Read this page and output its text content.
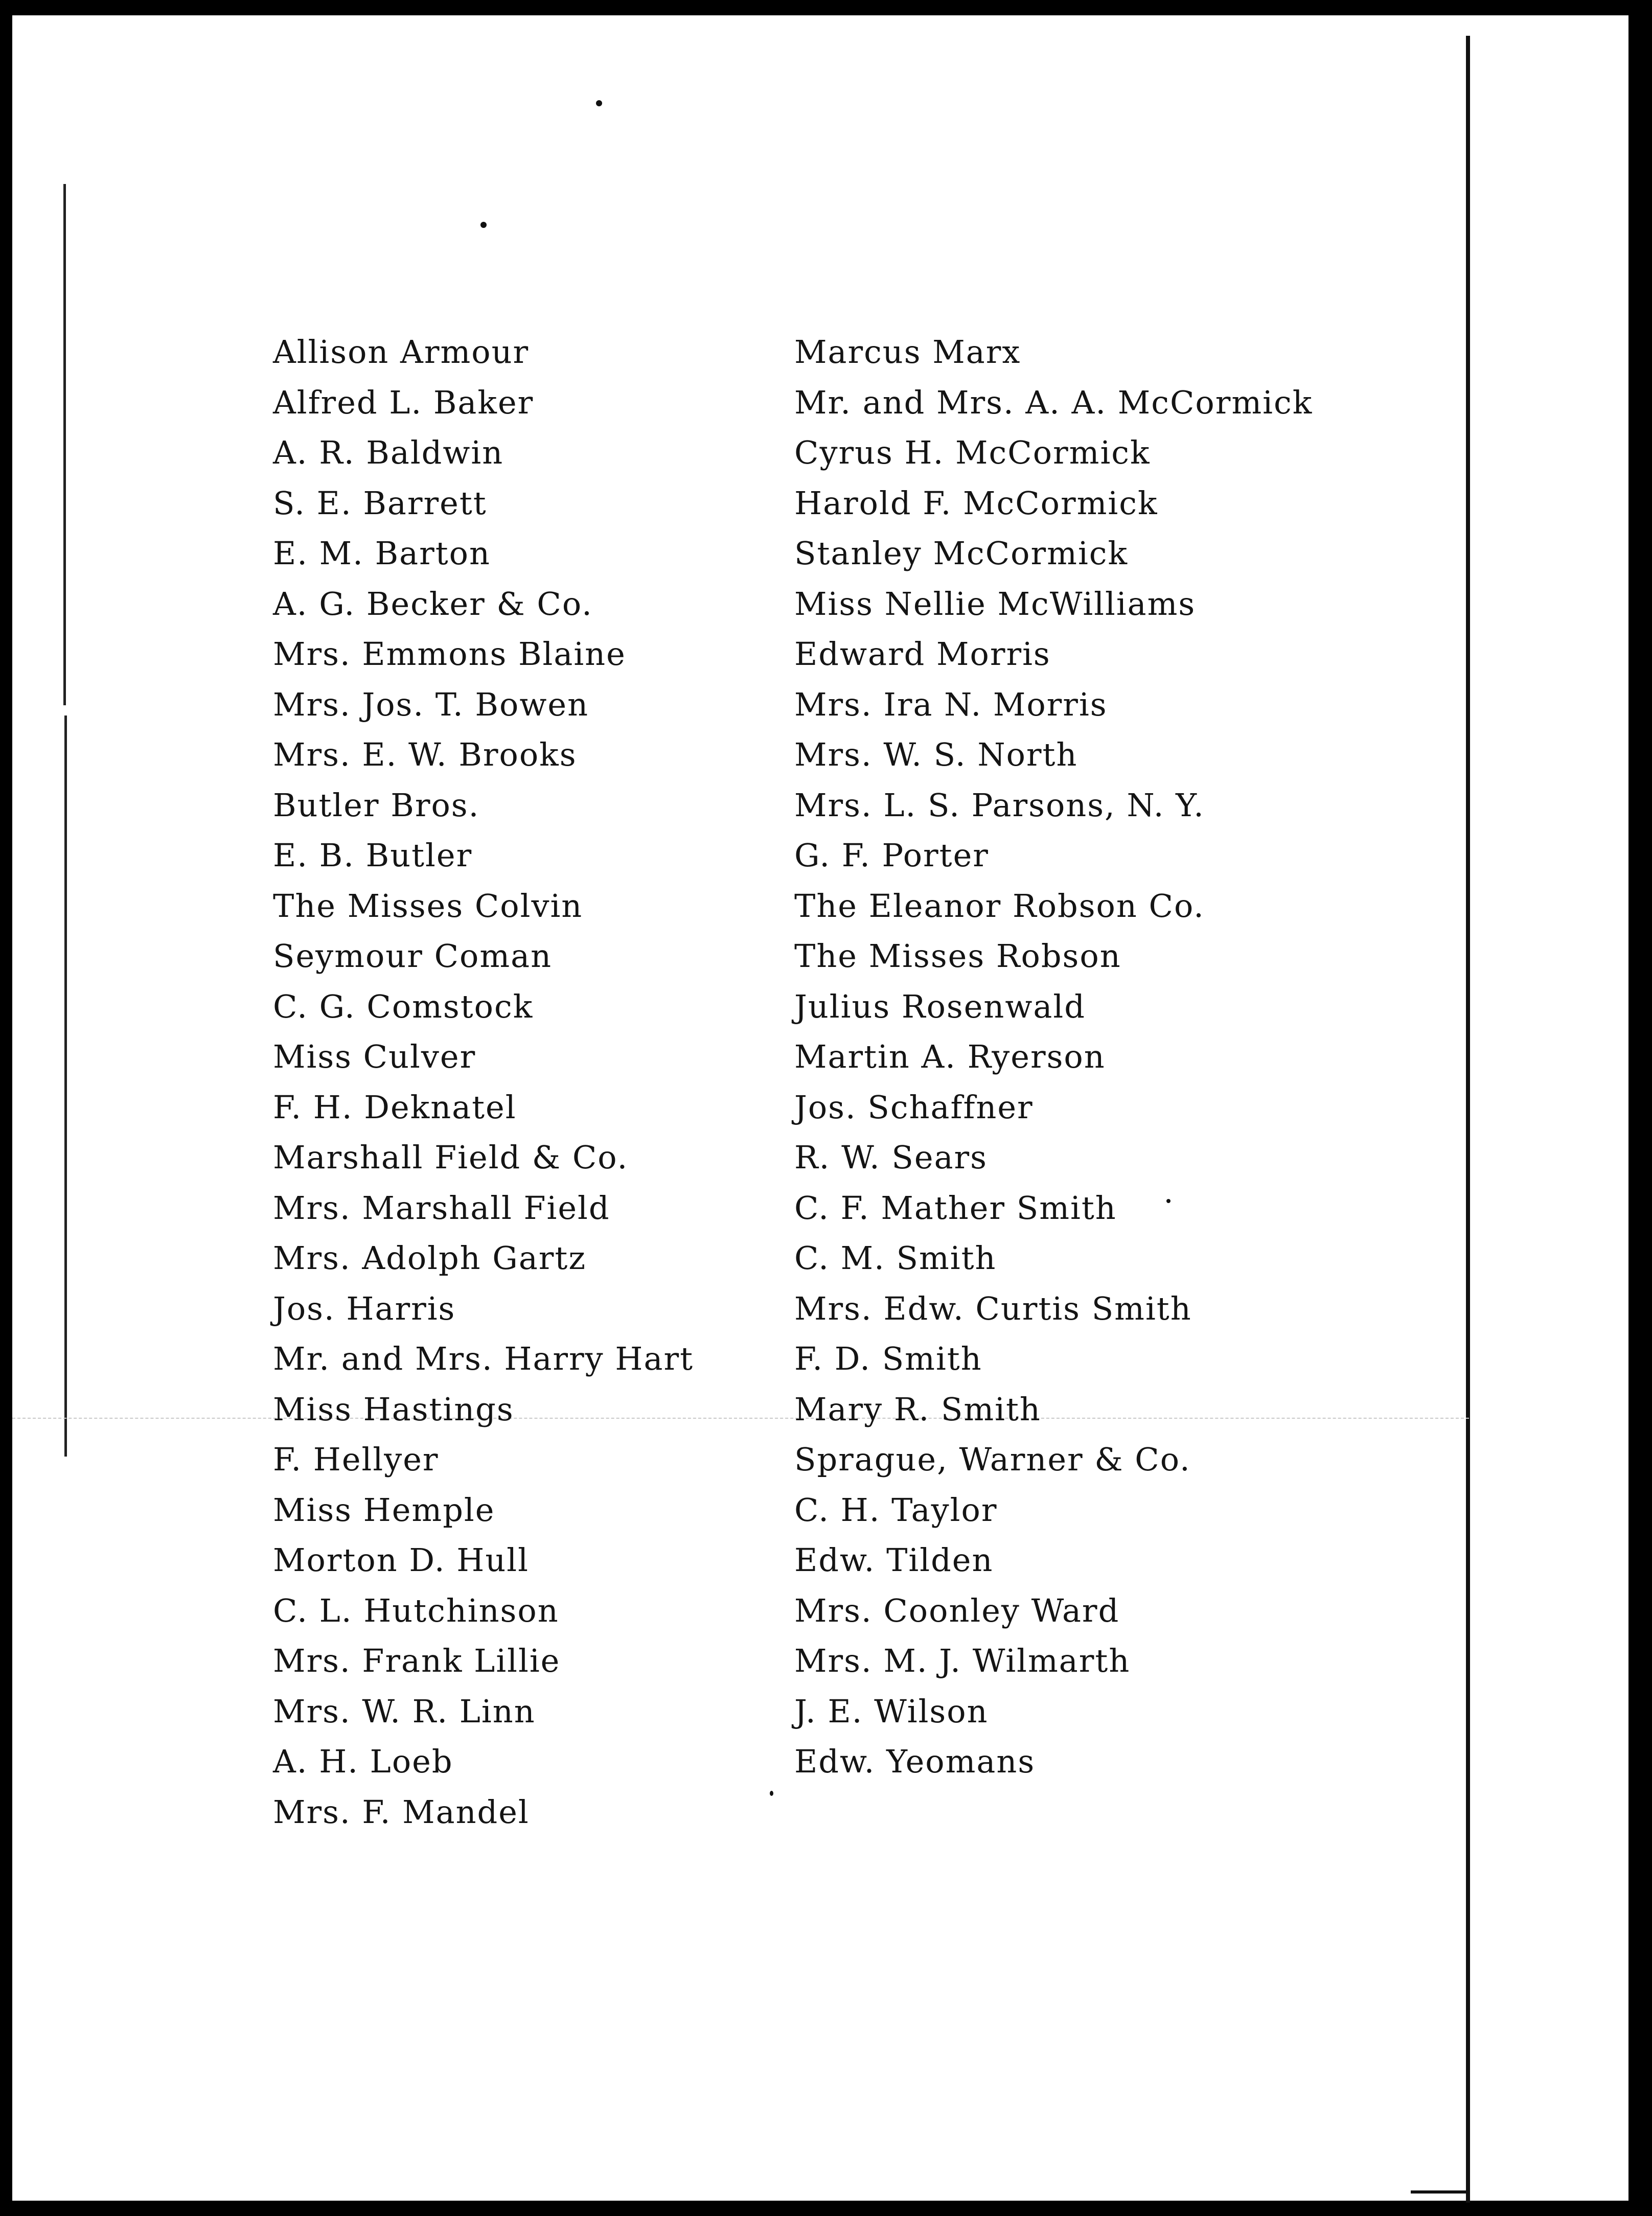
Allison Armour
Alfred L. Baker
A. R. Baldwin
S. E. Barrett
E. M. Barton
A. G. Becker & Co.
Mrs. Emmons Blaine
Mrs. Jos. T. Bowen
Mrs. E. W. Brooks
Butler Bros.
E. B. Butler
The Misses Colvin
Seymour Coman
C. G. Comstock
Miss Culver
F. H. Deknatel
Marshall Field & Co.
Mrs. Marshall Field
Mrs. Adolph Gartz
Jos. Harris
Mr. and Mrs. Harry Hart
Miss Hastings
F. Hellyer
Miss Hemple
Morton D. Hull
C. L. Hutchinson
Mrs. Frank Lillie
Mrs. W. R. Linn
A. H. Loeb
Mrs. F. Mandel
Marcus Marx
Mr. and Mrs. A. A. McCormick
Cyrus H. McCormick
Harold F. McCormick
Stanley McCormick
Miss Nellie McWilliams
Edward Morris
Mrs. Ira N. Morris
Mrs. W. S. North
Mrs. L. S. Parsons, N. Y.
G. F. Porter
The Eleanor Robson Co.
The Misses Robson
Julius Rosenwald
Martin A. Ryerson
Jos. Schaffner
R. W. Sears
C. F. Mather Smith
C. M. Smith
Mrs. Edw. Curtis Smith
F. D. Smith
Mary R. Smith
Sprague, Warner & Co.
C. H. Taylor
Edw. Tilden
Mrs. Coonley Ward
Mrs. M. J. Wilmarth
J. E. Wilson
Edw. Yeomans
